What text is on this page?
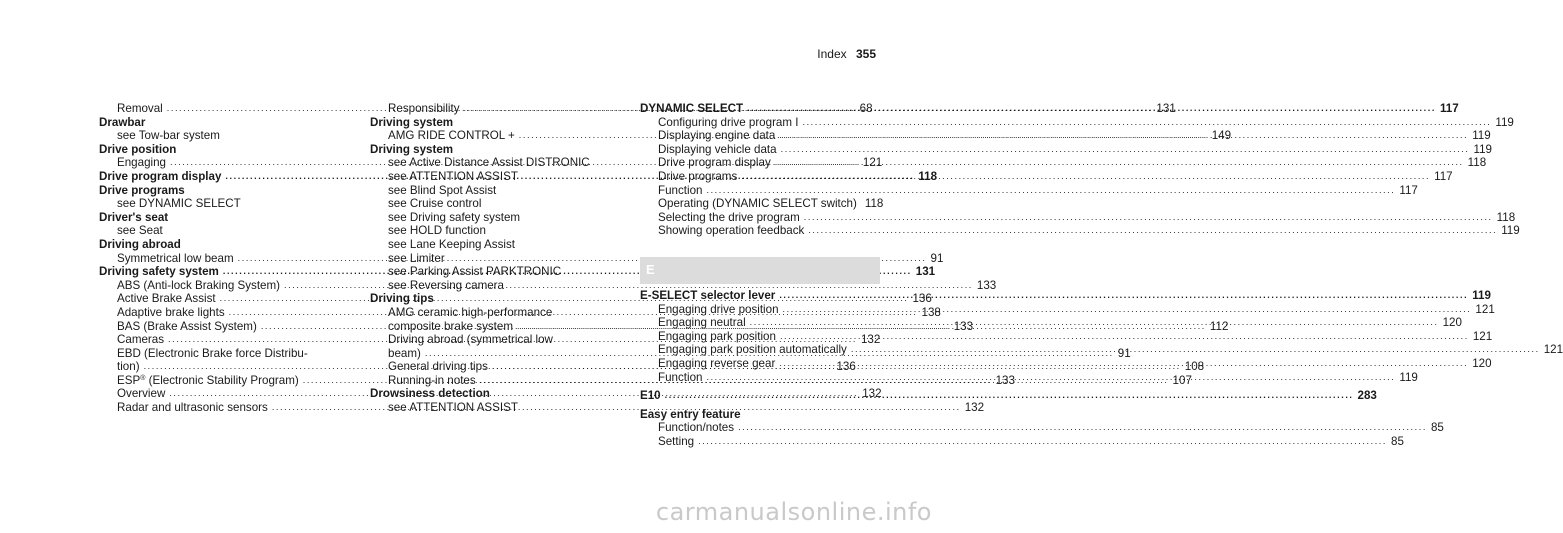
Index 355
Removal .....	68
Drawbar
see Tow-bar system
Drive position
Engaging .....	121
Drive program display .....	118
Drive programs
see DYNAMIC SELECT
Driver's seat
see Seat
Driving abroad
Symmetrical low beam .....	91
Driving safety system .....	131
ABS (Anti-lock Braking System) .....	133
Active Brake Assist .....	136
Adaptive brake lights .....	138
BAS (Brake Assist System) .....	133
Cameras .....	132
EBD (Electronic Brake force Distribu-
tion) .....	136
ESP® (Electronic Stability Program) .....	133
Overview .....	132
Radar and ultrasonic sensors .....	132
Responsibility .....	131
Driving system
AMG RIDE CONTROL + .....	149
Driving system
see Active Distance Assist DISTRONIC
see ATTENTION ASSIST
see Blind Spot Assist
see Cruise control
see Driving safety system
see HOLD function
see Lane Keeping Assist
see Limiter
see Parking Assist PARKTRONIC
see Reversing camera
Driving tips
AMG ceramic high-performance
composite brake system .....	112
Driving abroad (symmetrical low
beam) .....	91
General driving tips .....	108
Running-in notes .....	107
Drowsiness detection
see ATTENTION ASSIST
DYNAMIC SELECT .....	117
Configuring drive program I .....	119
Displaying engine data .....	119
Displaying vehicle data .....	119
Drive program display .....	118
Drive programs .....	117
Function .....	117
Operating (DYNAMIC SELECT switch) 118
Selecting the drive program .....	118
Showing operation feedback .....	119
E
E-SELECT selector lever .....	119
Engaging drive position .....	121
Engaging neutral .....	120
Engaging park position .....	121
Engaging park position automatically .....	121
Engaging reverse gear .....	120
Function .....	119
E10 .....	283
Easy entry feature
Function/notes .....	85
Setting .....	85
carmanualsonline.info
